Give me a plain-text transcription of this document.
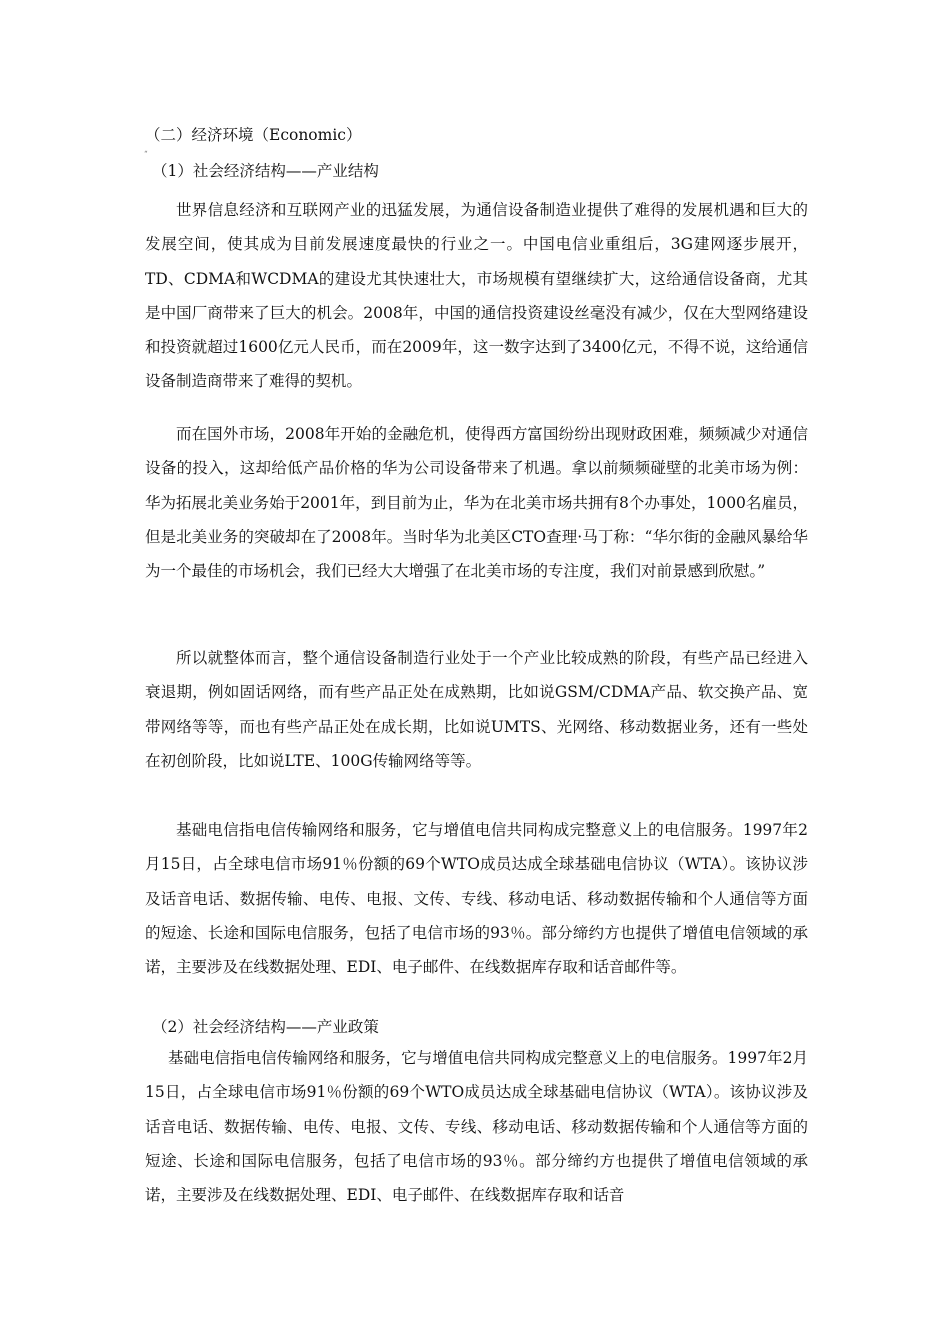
（二）经济环境（Economic）
“
（1）社会经济结构——产业结构

世界信息经济和互联网产业的迅猛发展，为通信设备制造业提供了难得的发展机遇和巨大的发展空间，使其成为目前发展速度最快的行业之一。中国电信业重组后，3G建网逐步展开，TD、CDMA和WCDMA的建设尤其快速壮大，市场规模有望继续扩大，这给通信设备商，尤其是中国厂商带来了巨大的机会。2008年，中国的通信投资建设丝毫没有减少，仅在大型网络建设和投资就超过1600亿元人民币，而在2009年，这一数字达到了3400亿元，不得不说，这给通信设备制造商带来了难得的契机。

而在国外市场，2008年开始的金融危机，使得西方富国纷纷出现财政困难，频频减少对通信设备的投入，这却给低产品价格的华为公司设备带来了机遇。拿以前频频碰壁的北美市场为例：华为拓展北美业务始于2001年，到目前为止，华为在北美市场共拥有8个办事处，1000名雇员，但是北美业务的突破却在了2008年。当时华为北美区CTO查理·马丁称：“华尔街的金融风暴给华为一个最佳的市场机会，我们已经大大增强了在北美市场的专注度，我们对前景感到欣慰。”

所以就整体而言，整个通信设备制造行业处于一个产业比较成熟的阶段，有些产品已经进入衰退期，例如固话网络，而有些产品正处在成熟期，比如说GSM/CDMA产品、软交换产品、宽带网络等等，而也有些产品正处在成长期，比如说UMTS、光网络、移动数据业务，还有一些处在初创阶段，比如说LTE、100G传输网络等等。

基础电信指电信传输网络和服务，它与增值电信共同构成完整意义上的电信服务。1997年2月15日，占全球电信市场91％份额的69个WTO成员达成全球基础电信协议（WTA）。该协议涉及话音电话、数据传输、电传、电报、文传、专线、移动电话、移动数据传输和个人通信等方面的短途、长途和国际电信服务，包括了电信市场的93％。部分缔约方也提供了增值电信领域的承诺，主要涉及在线数据处理、EDI、电子邮件、在线数据库存取和话音邮件等。

（2）社会经济结构——产业政策

基础电信指电信传输网络和服务，它与增值电信共同构成完整意义上的电信服务。1997年2月15日，占全球电信市场91％份额的69个WTO成员达成全球基础电信协议（WTA）。该协议涉及话音电话、数据传输、电传、电报、文传、专线、移动电话、移动数据传输和个人通信等方面的短途、长途和国际电信服务，包括了电信市场的93％。部分缔约方也提供了增值电信领域的承诺，主要涉及在线数据处理、EDI、电子邮件、在线数据库存取和话音
